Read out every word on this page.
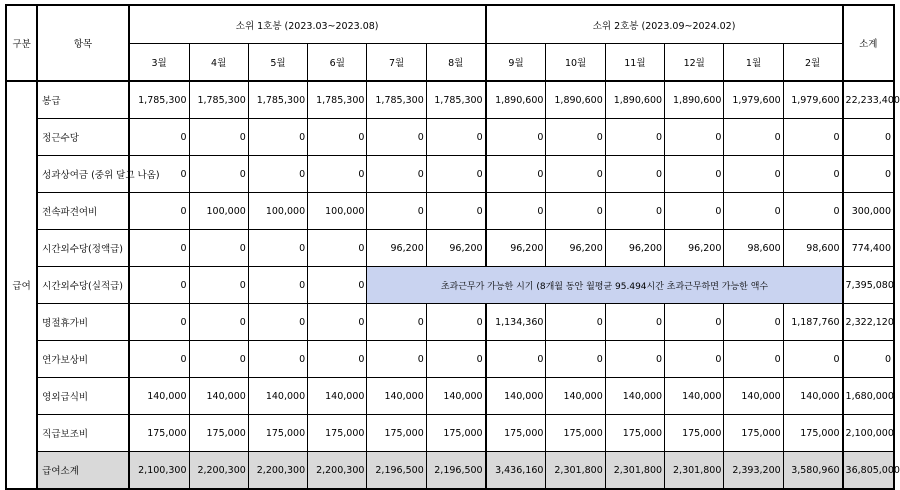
구분	항목	소위 1호봉 (2023.03~2023.08)						소위 2호봉 (2023.09~2024.02)						소계
		3월	4월	5월	6월	7월	8월	9월	10월	11월	12월	1월	2월	
급여	봉급	1,785,300	1,785,300	1,785,300	1,785,300	1,785,300	1,785,300	1,890,600	1,890,600	1,890,600	1,890,600	1,979,600	1,979,600	22,233,400
	정근수당	0	0	0	0	0	0	0	0	0	0	0	0	0
	성과상여금 (중위 달고 나옴)	0	0	0	0	0	0	0	0	0	0	0	0	0
	전속파견여비	0	100,000	100,000	100,000	0	0	0	0	0	0	0	0	300,000
	시간외수당(정액급)	0	0	0	0	96,200	96,200	96,200	96,200	96,200	96,200	98,600	98,600	774,400
	시간외수당(실적급)	0	0	0	0	초과근무가 가능한 시기 (8개월 동안 월평균 95.494시간 초과근무하면 가능한 액수								7,395,080
	명절휴가비	0	0	0	0	0	0	1,134,360	0	0	0	0	1,187,760	2,322,120
	연가보상비	0	0	0	0	0	0	0	0	0	0	0	0	0
	영외급식비	140,000	140,000	140,000	140,000	140,000	140,000	140,000	140,000	140,000	140,000	140,000	140,000	1,680,000
	직급보조비	175,000	175,000	175,000	175,000	175,000	175,000	175,000	175,000	175,000	175,000	175,000	175,000	2,100,000
	급여소계	2,100,300	2,200,300	2,200,300	2,200,300	2,196,500	2,196,500	3,436,160	2,301,800	2,301,800	2,301,800	2,393,200	3,580,960	36,805,000
